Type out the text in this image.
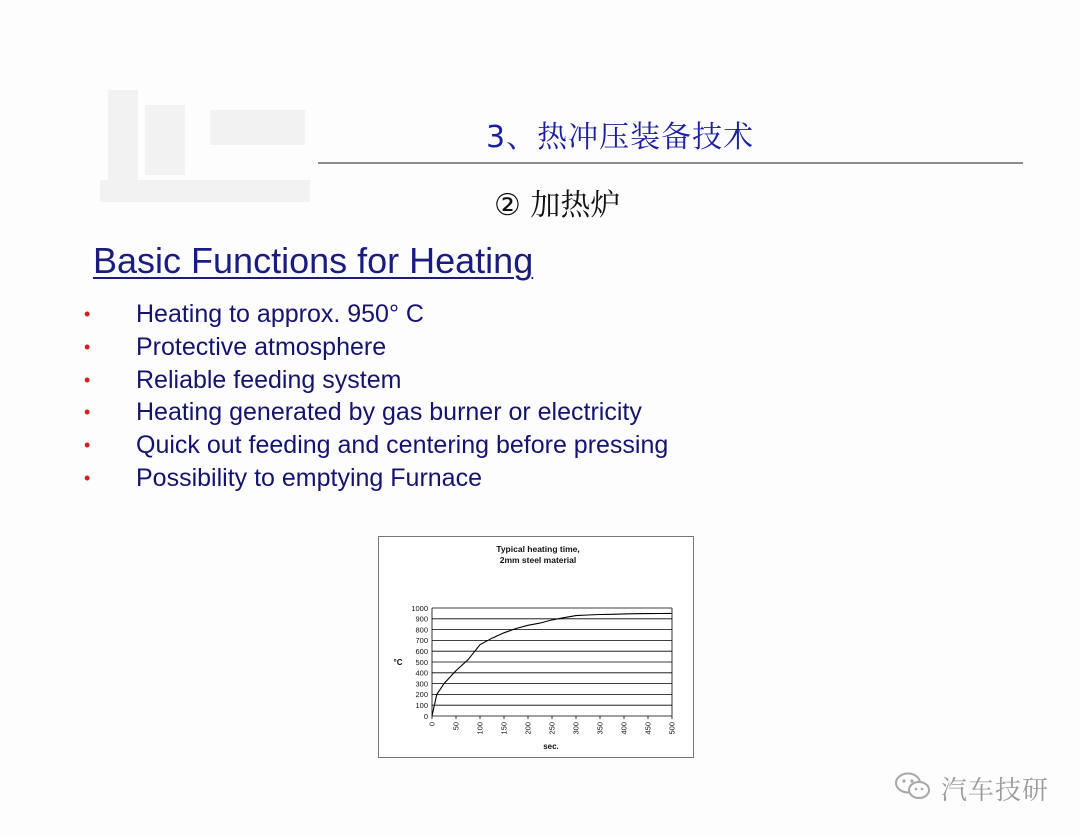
3、热冲压装备技术
② 加热炉
Basic Functions for Heating
• Heating to approx. 950° C
• Protective atmosphere
• Reliable feeding system
• Heating generated by gas burner or electricity
• Quick out feeding and centering before pressing
• Possibility to emptying Furnace
Typical heating time,
2mm steel material
°C
sec.
0
100
200
300
400
500
600
700
800
900
1000
0 50 100 150 200 250 300 350 400 450 500
汽车技研
